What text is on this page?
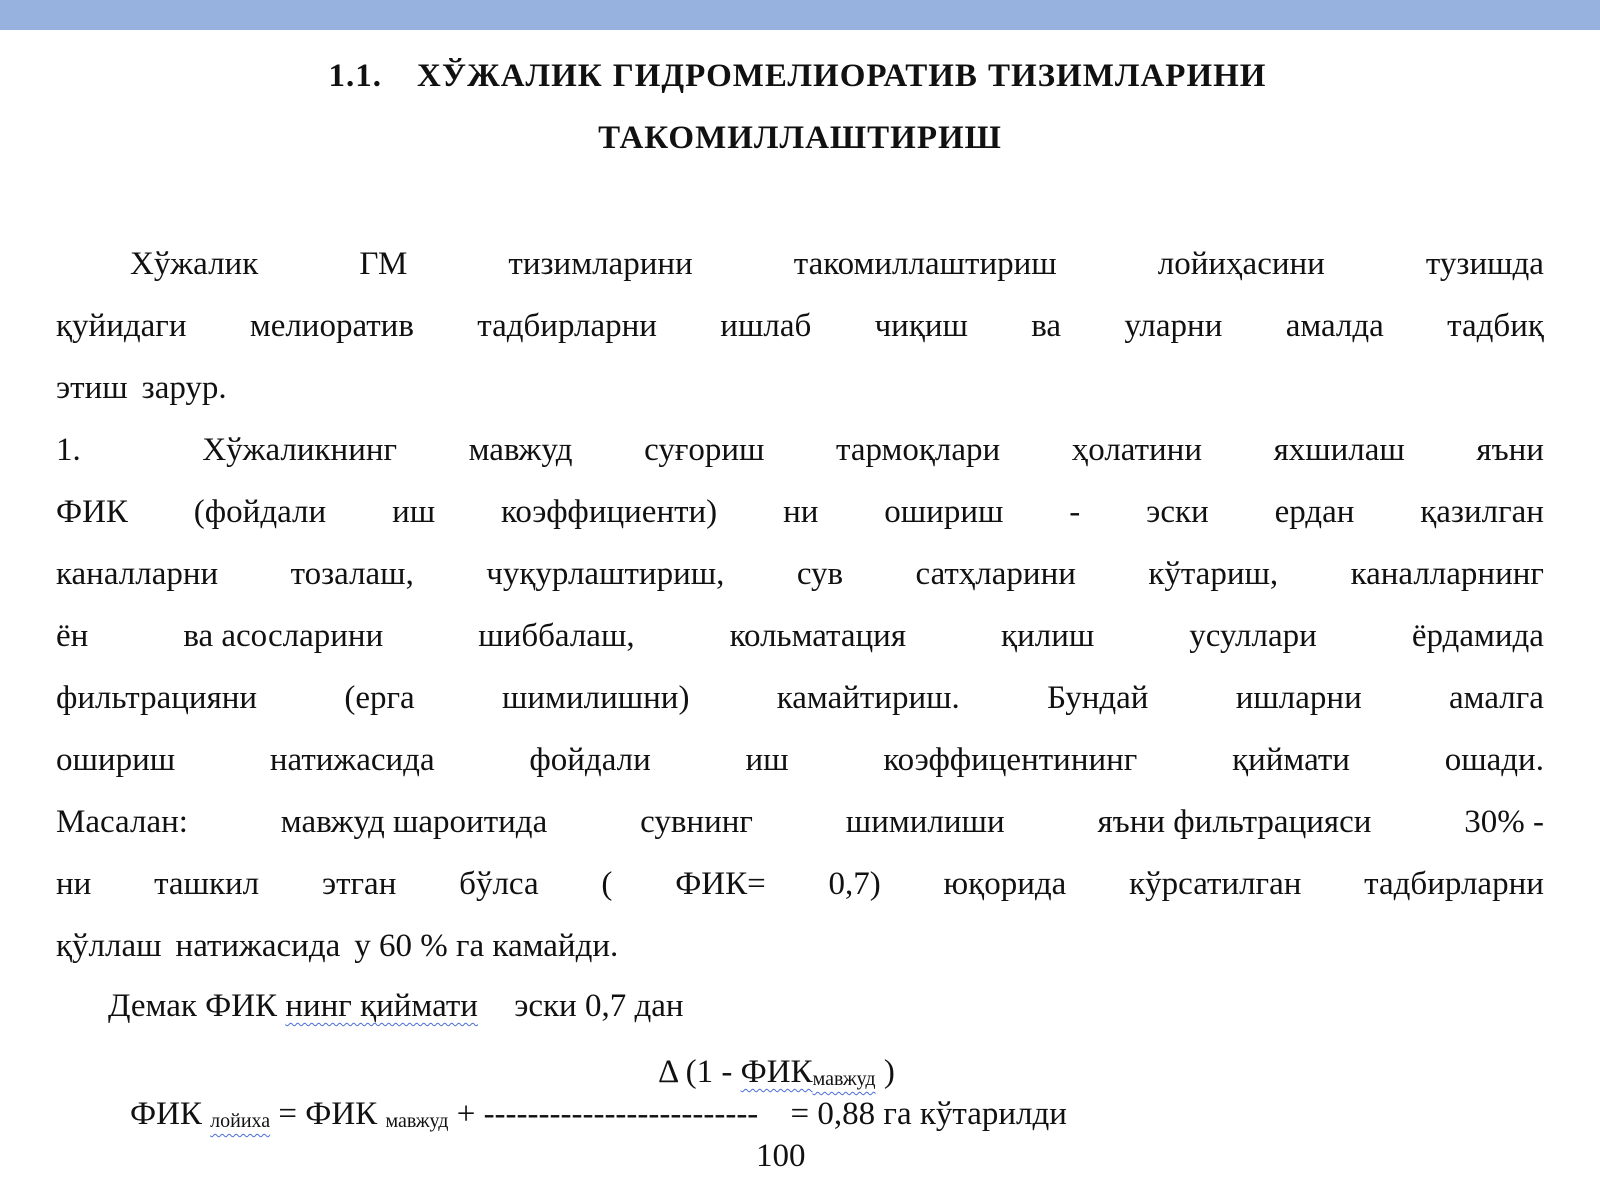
1.1. ХЎЖАЛИК ГИДРОМЕЛИОРАТИВ ТИЗИМЛАРИНИ
ТАКОМИЛЛАШТИРИШ
Хўжалик	ГМ	тизимларини	такомиллаштириш	лойиҳасини	тузишда
қуйидаги мелиоратив тадбирларни ишлаб чиқиш ва уларни амалда тадбиқ
этиш зарур.
1.	Хўжаликнинг мавжуд суғориш тармоқлари ҳолатини яхшилаш яъни
ФИК (фойдали иш коэффициенти) ни ошириш - эски ердан қазилган
каналларни тозалаш, чуқурлаштириш, сув сатҳларини кўтариш, каналларнинг
ён	ва асосларини	шиббалаш,	кольматация	қилиш	усуллари	ёрдамида
фильтрацияни	(ерга	шимилишни)	камайтириш.	Бундай	ишларни	амалга
ошириш	натижасида	фойдали	иш	коэффицентининг	қиймати	ошади.
Масалан:	мавжуд шароитида	сувнинг	шимилиши	яъни фильтрацияси	30% -
ни ташкил этган бўлса ( ФИК= 0,7) юқорида кўрсатилган тадбирларни
қўллаш натижасида у 60 % га камайди.
Демак ФИК нинг қиймати эски 0,7 дан
Δ (1 - ФИКмавжуд )
ФИК лойиха = ФИК мавжуд + ------------------------- = 0,88 га кўтарилди
100
